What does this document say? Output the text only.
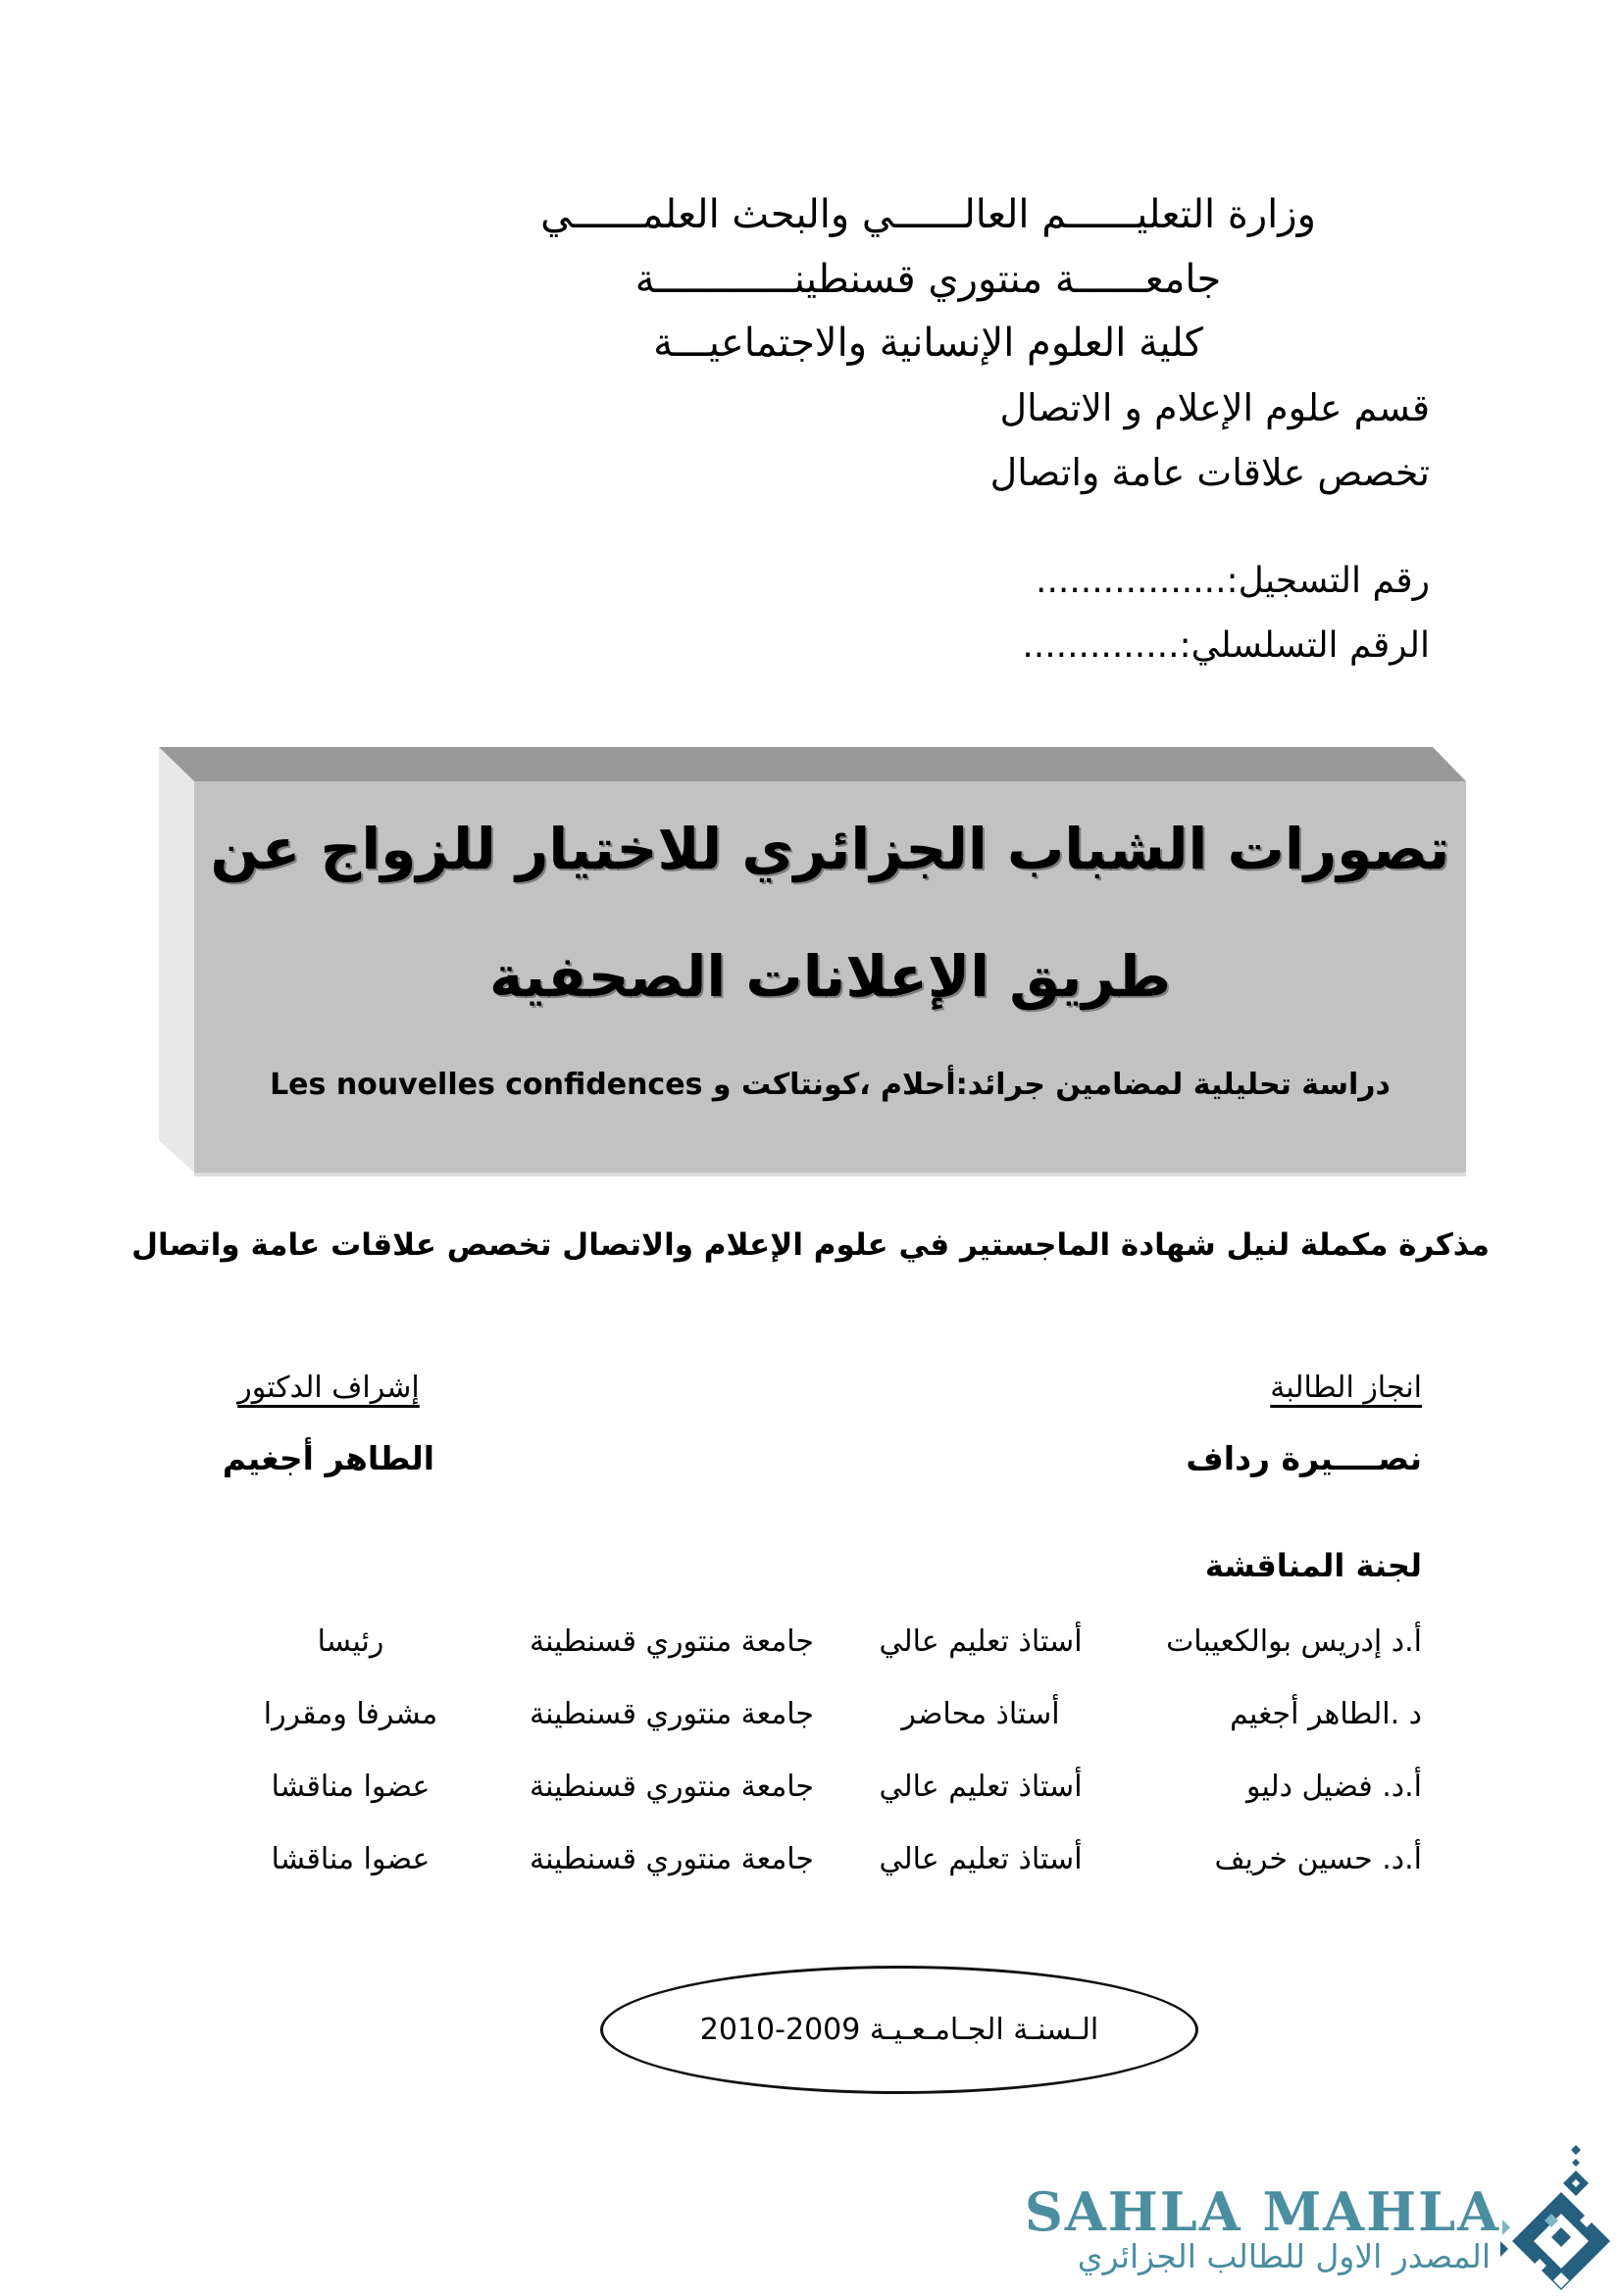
وزارة التعليــــــم العالــــــي والبحث العلمــــــي
جامعــــــة منتوري قسنطينــــــــــــة
كلية العلوم الإنسانية والاجتماعيـــة
قسم علوم الإعلام و الاتصال
تخصص علاقات عامة واتصال
رقم التسجيل:.................
الرقم التسلسلي:..............
تصورات الشباب الجزائري للاختيار للزواج عن
طريق الإعلانات الصحفية
دراسة تحليلية لمضامين جرائد:أحلام ،كونتاكت و Les nouvelles confidences
مذكرة مكملة لنيل شهادة الماجستير في علوم الإعلام والاتصال تخصص علاقات عامة واتصال
انجاز الطالبة
نصــــيرة رداف
إشراف الدكتور
الطاهر أجغيم
لجنة المناقشة
أ.د إدريس بوالكعيبات
أستاذ تعليم عالي
جامعة منتوري قسنطينة
رئيسا
د .الطاهر أجغيم
أستاذ محاضر
جامعة منتوري قسنطينة
مشرفا ومقررا
أ.د. فضيل دليو
أستاذ تعليم عالي
جامعة منتوري قسنطينة
عضوا مناقشا
أ.د. حسين خريف
أستاذ تعليم عالي
جامعة منتوري قسنطينة
عضوا مناقشا
الـسنـة الجـامـعـيـة 2009‏-‏2010
SAHLA MAHLA
المصدر الاول للطالب الجزائري
